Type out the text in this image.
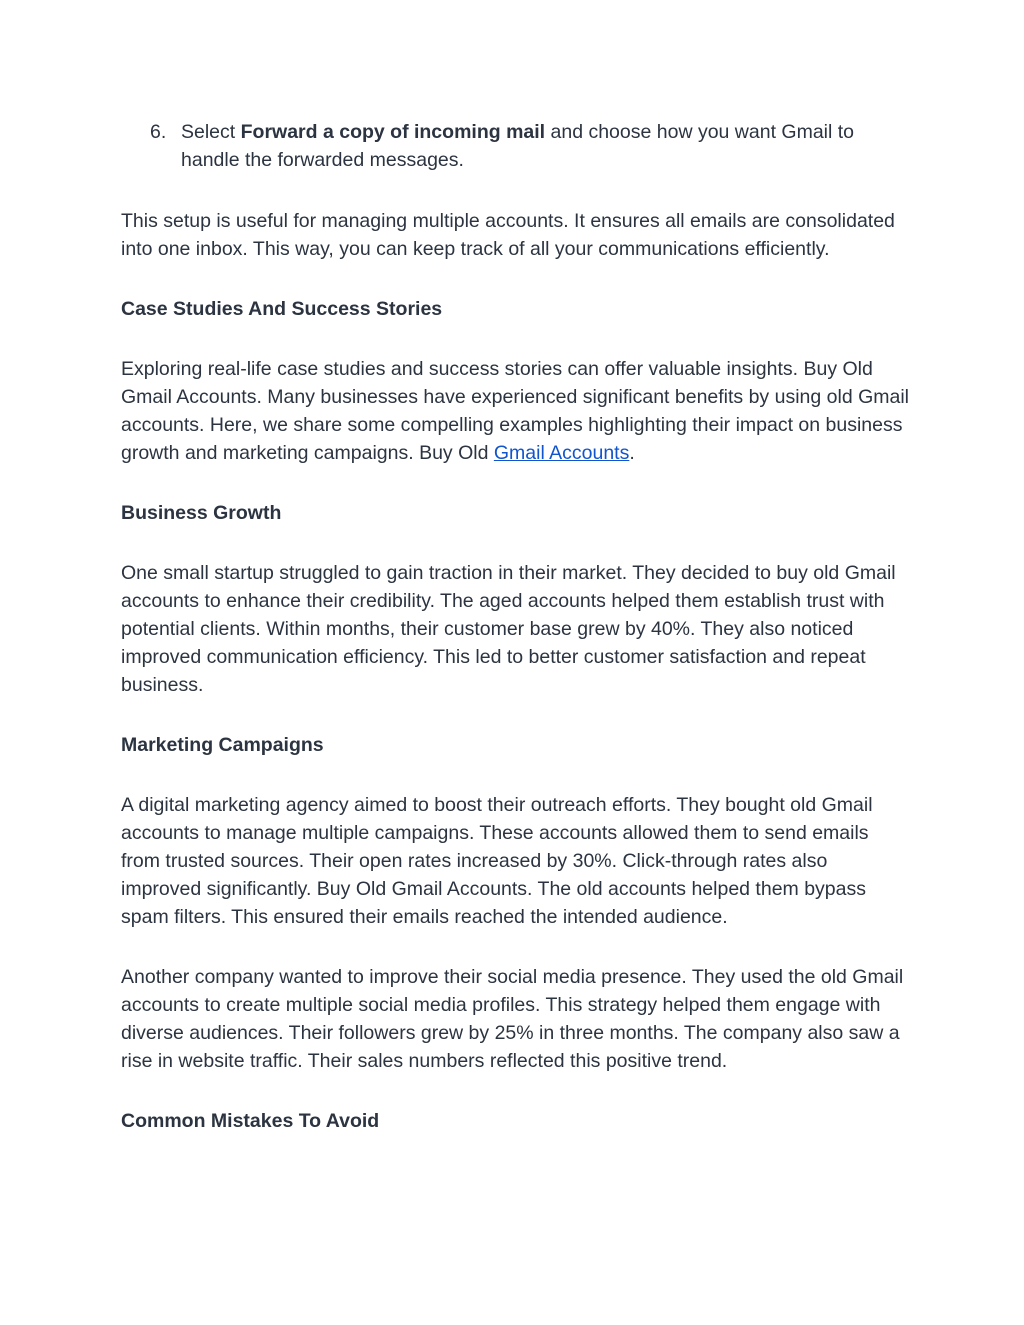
6. Select Forward a copy of incoming mail and choose how you want Gmail to handle the forwarded messages.

This setup is useful for managing multiple accounts. It ensures all emails are consolidated into one inbox. This way, you can keep track of all your communications efficiently.

Case Studies And Success Stories

Exploring real-life case studies and success stories can offer valuable insights. Buy Old Gmail Accounts. Many businesses have experienced significant benefits by using old Gmail accounts. Here, we share some compelling examples highlighting their impact on business growth and marketing campaigns. Buy Old Gmail Accounts.

Business Growth

One small startup struggled to gain traction in their market. They decided to buy old Gmail accounts to enhance their credibility. The aged accounts helped them establish trust with potential clients. Within months, their customer base grew by 40%. They also noticed improved communication efficiency. This led to better customer satisfaction and repeat business.

Marketing Campaigns

A digital marketing agency aimed to boost their outreach efforts. They bought old Gmail accounts to manage multiple campaigns. These accounts allowed them to send emails from trusted sources. Their open rates increased by 30%. Click-through rates also improved significantly. Buy Old Gmail Accounts. The old accounts helped them bypass spam filters. This ensured their emails reached the intended audience.

Another company wanted to improve their social media presence. They used the old Gmail accounts to create multiple social media profiles. This strategy helped them engage with diverse audiences. Their followers grew by 25% in three months. The company also saw a rise in website traffic. Their sales numbers reflected this positive trend.

Common Mistakes To Avoid
